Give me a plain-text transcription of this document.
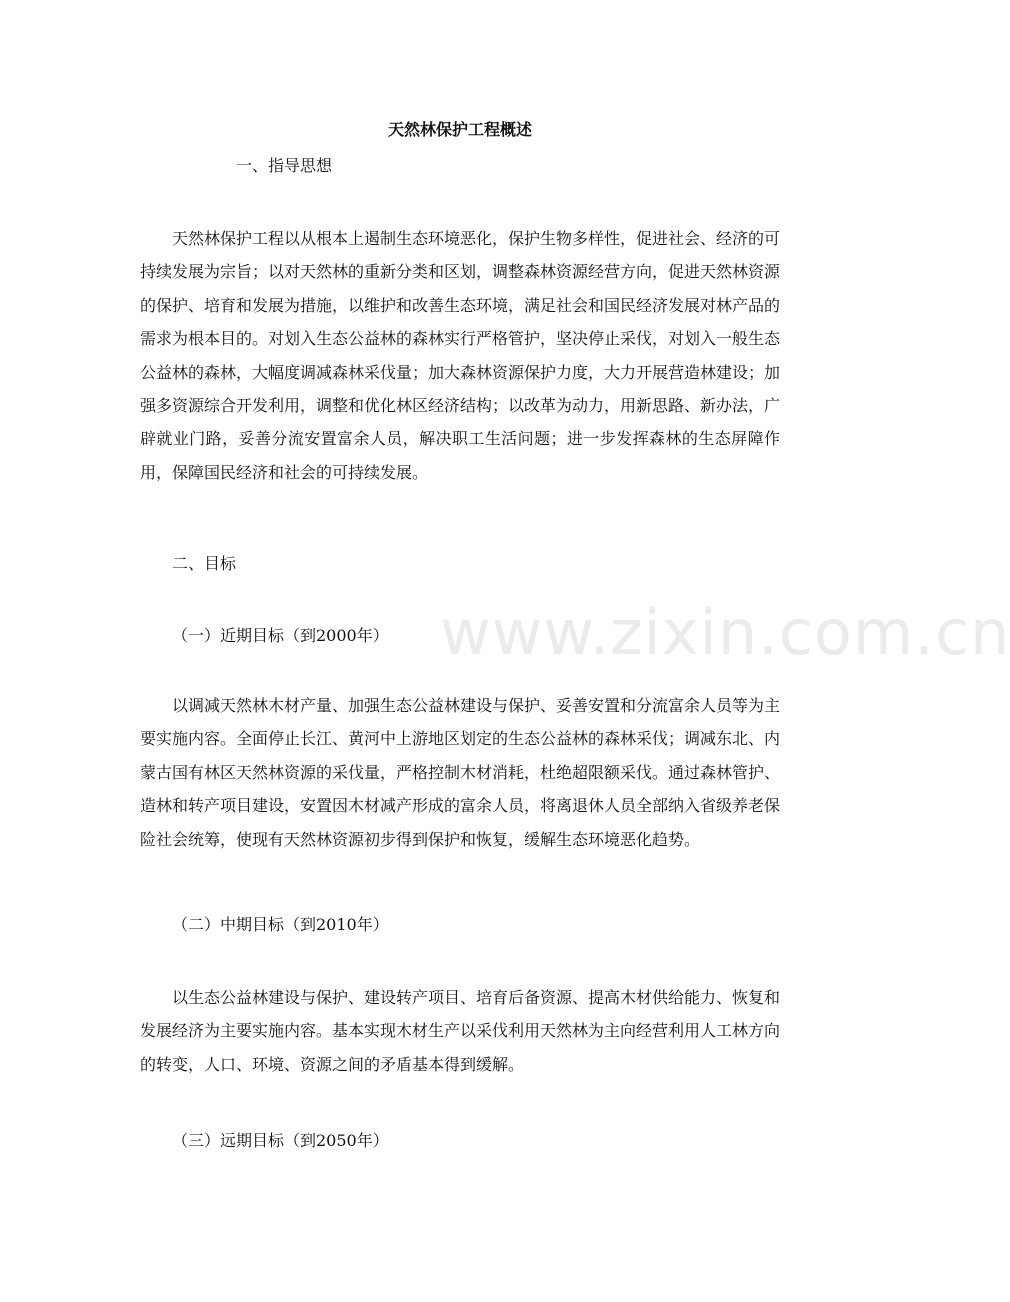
www.zixin.com.cn
天然林保护工程概述

一、指导思想

天然林保护工程以从根本上遏制生态环境恶化，保护生物多样性，促进社会、经济的可持续发展为宗旨；以对天然林的重新分类和区划，调整森林资源经营方向，促进天然林资源的保护、培育和发展为措施，以维护和改善生态环境，满足社会和国民经济发展对林产品的需求为根本目的。对划入生态公益林的森林实行严格管护，坚决停止采伐，对划入一般生态公益林的森林，大幅度调减森林采伐量；加大森林资源保护力度，大力开展营造林建设；加强多资源综合开发利用，调整和优化林区经济结构；以改革为动力，用新思路、新办法，广辟就业门路，妥善分流安置富余人员，解决职工生活问题；进一步发挥森林的生态屏障作用，保障国民经济和社会的可持续发展。

二、目标

（一）近期目标（到2000年）

以调减天然林木材产量、加强生态公益林建设与保护、妥善安置和分流富余人员等为主要实施内容。全面停止长江、黄河中上游地区划定的生态公益林的森林采伐；调减东北、内蒙古国有林区天然林资源的采伐量，严格控制木材消耗，杜绝超限额采伐。通过森林管护、造林和转产项目建设，安置因木材减产形成的富余人员，将离退休人员全部纳入省级养老保险社会统筹，使现有天然林资源初步得到保护和恢复，缓解生态环境恶化趋势。

（二）中期目标（到2010年）

以生态公益林建设与保护、建设转产项目、培育后备资源、提高木材供给能力、恢复和发展经济为主要实施内容。基本实现木材生产以采伐利用天然林为主向经营利用人工林方向的转变，人口、环境、资源之间的矛盾基本得到缓解。

（三）远期目标（到2050年）
